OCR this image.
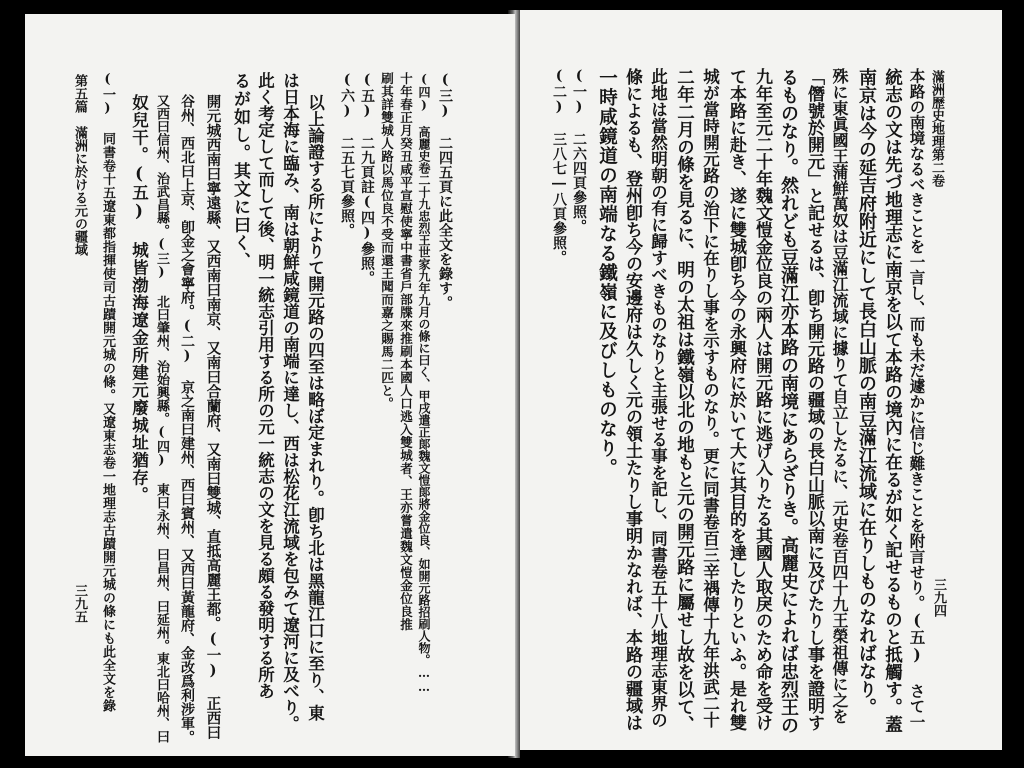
滿洲歷史地理第二卷
三九四
本路の南境なるべきことを一言し、而も未だ遽かに信じ難きことを附言せり。(五) さて一
統志の文は先づ地理志に南京を以て本路の境內に在るが如く記せるものと抵觸す。蓋
南京は今の延吉府附近にして長白山脈の南豆滿江流域に在りしものなればなり。
殊に東眞國王蒲鮮萬奴は豆滿江流域に據りて自立したるに、元史卷百四十九王榮祖傳に之を
「僭號於開元」と記せるは、卽ち開元路の疆域の長白山脈以南に及びたりし事を證明す
るものなり。然れども豆滿江亦本路の南境にあらざりき。高麗史によれば忠烈王の
九年至元二十年魏文愷金位良の兩人は開元路に逃げ入りたる其國人取戾のため命を受け
て本路に赴き、遂に雙城卽ち今の永興府に於いて大に其目的を達したりといふ。是れ雙
城が當時開元路の治下に在りし事を示すものなり。更に同書卷百三辛禑傳十九年洪武二十
二年二月の條を見るに、明の太祖は鐵嶺以北の地もと元の開元路に屬せし故を以て、
此地は當然明朝の有に歸すべきものなりと主張せる事を記し、同書卷五十八地理志東界の
條によるも、登州卽ち今の安邊府は久しく元の領土たりし事明かなれば、本路の疆域は
一時咸鏡道の南端なる鐵嶺に及びしものなり。
(一) 二六四頁參照。
(二) 三八七―八頁參照。
(三) 二四五頁に此全文を錄す。
(四) 高麗史卷二十九忠烈王世家九年九月の條に曰く、甲戌遣正郞魏文愷郞將金位良、如開元路招刷人物。……
十年春正月癸丑咸平宣慰使寧中書省戶部牒來推刷本國人口逃入雙城者、王亦嘗遣魏文愷金位良推
刷其詳雙城人路以馬位良不受而還王聞而嘉之賜馬二匹と。
(五) 二九頁註(四)參照。
(六) 二五七頁參照。
以上論證する所によりて開元路の四至は略ぼ定まれり。卽ち北は黑龍江口に至り、東
は日本海に臨み、南は朝鮮咸鏡道の南端に達し、西は松花江流域を包みて遼河に及べり。
此く考定して而して後、明一統志引用する所の元一統志の文を見る頗る發明する所あ
るが如し。其文に曰く、
開元城西南曰寧遠縣、又西南曰南京、又南曰合蘭府、又南曰雙城、直抵高麗王都。(一) 正西曰
谷州、西北曰上京、卽金之會寧府。(二) 京之南曰建州、西曰賓州、又西曰黃龍府、金改爲利涉軍。
又西曰信州、治武昌縣。(三) 北曰肇州、治始興縣。(四) 東曰永州、曰昌州、曰延州。東北曰哈州、曰
奴兒干。(五) 城皆渤海遼金所建元廢城址猶存。
(一) 同書卷十五遼東都指揮使司古蹟開元城の條。又遼東志卷一地理志古蹟開元城の條にも此全文を錄
第五篇　滿洲に於ける元の疆域
三九五
